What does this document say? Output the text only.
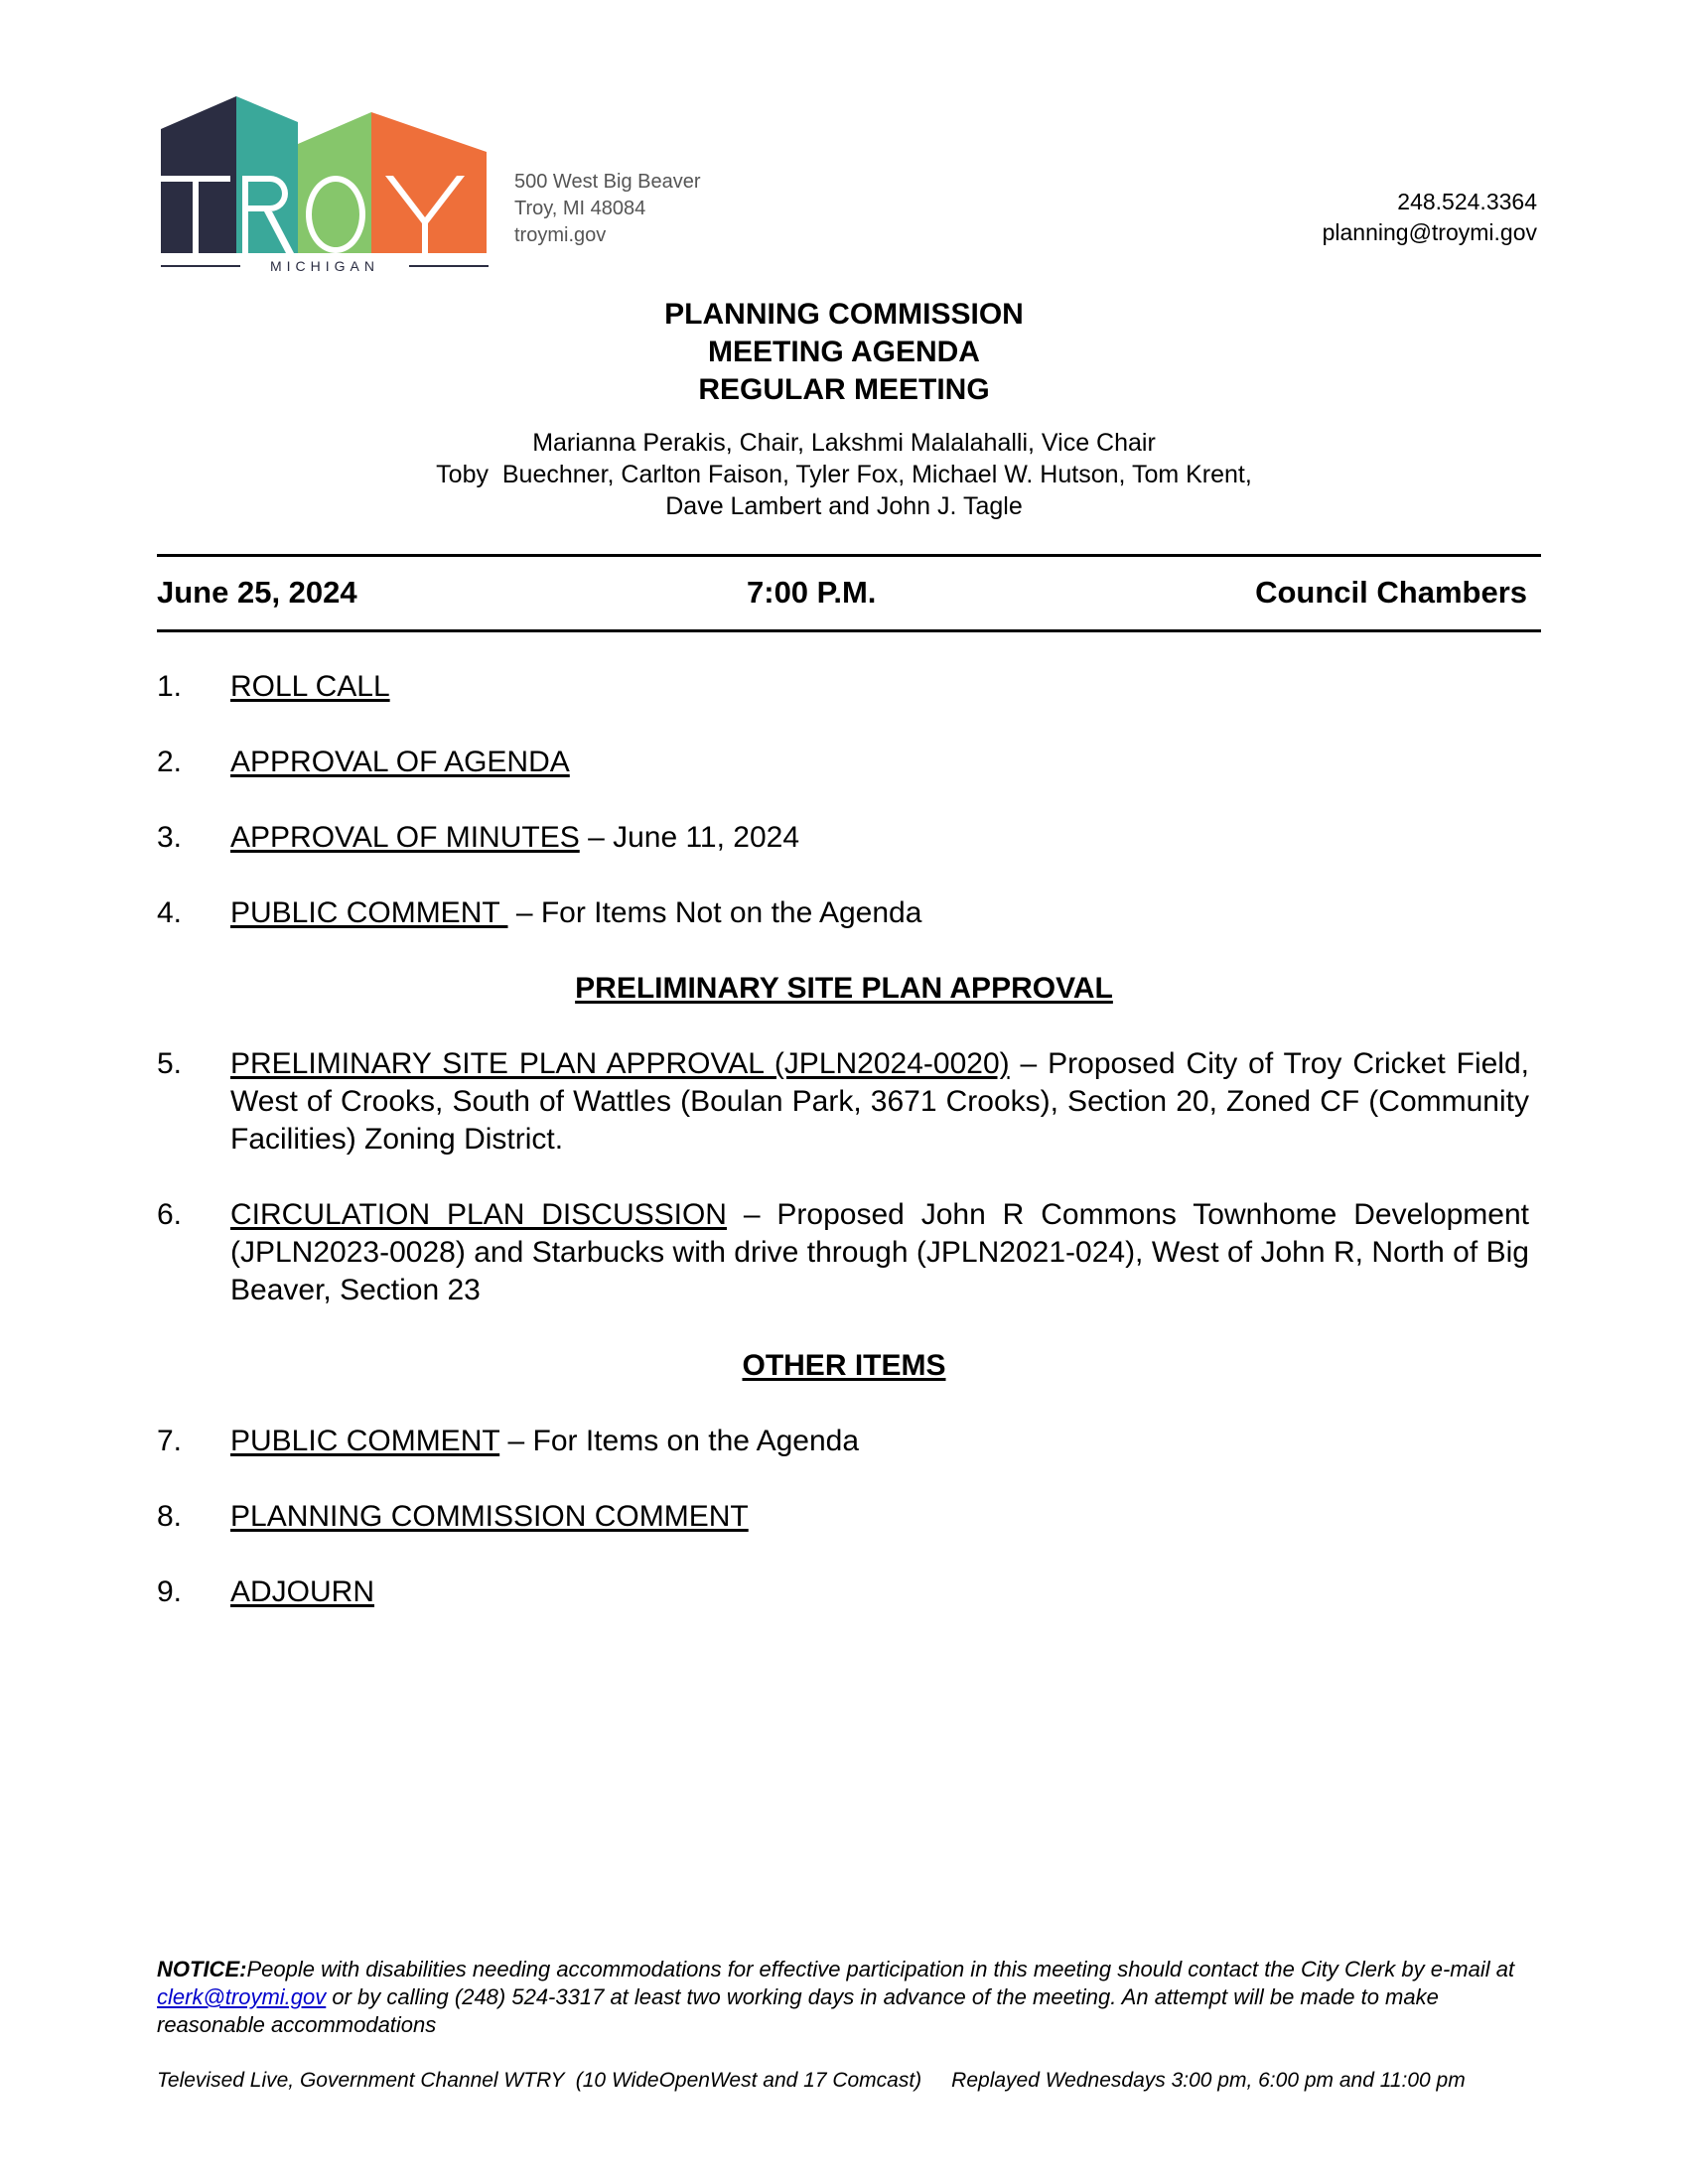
MICHIGAN
500 West Big Beaver
Troy, MI 48084
troymi.gov
248.524.3364
planning@troymi.gov
PLANNING COMMISSION
MEETING AGENDA
REGULAR MEETING
Marianna Perakis, Chair, Lakshmi Malalahalli, Vice Chair
Toby  Buechner, Carlton Faison, Tyler Fox, Michael W. Hutson, Tom Krent,
Dave Lambert and John J. Tagle
June 25, 2024	7:00 P.M.	Council Chambers
1. ROLL CALL
2. APPROVAL OF AGENDA
3. APPROVAL OF MINUTES – June 11, 2024
4. PUBLIC COMMENT  – For Items Not on the Agenda
PRELIMINARY SITE PLAN APPROVAL
5. PRELIMINARY SITE PLAN APPROVAL (JPLN2024-0020) – Proposed City of Troy Cricket Field, West of Crooks, South of Wattles (Boulan Park, 3671 Crooks), Section 20, Zoned CF (Community Facilities) Zoning District.
6. CIRCULATION PLAN DISCUSSION – Proposed John R Commons Townhome Development (JPLN2023-0028) and Starbucks with drive through (JPLN2021-024), West of John R, North of Big Beaver, Section 23
OTHER ITEMS
7. PUBLIC COMMENT – For Items on the Agenda
8. PLANNING COMMISSION COMMENT
9. ADJOURN
NOTICE:People with disabilities needing accommodations for effective participation in this meeting should contact the City Clerk by e-mail at clerk@troymi.gov or by calling (248) 524-3317 at least two working days in advance of the meeting. An attempt will be made to make reasonable accommodations
Televised Live, Government Channel WTRY  (10 WideOpenWest and 17 Comcast) Replayed Wednesdays 3:00 pm, 6:00 pm and 11:00 pm
